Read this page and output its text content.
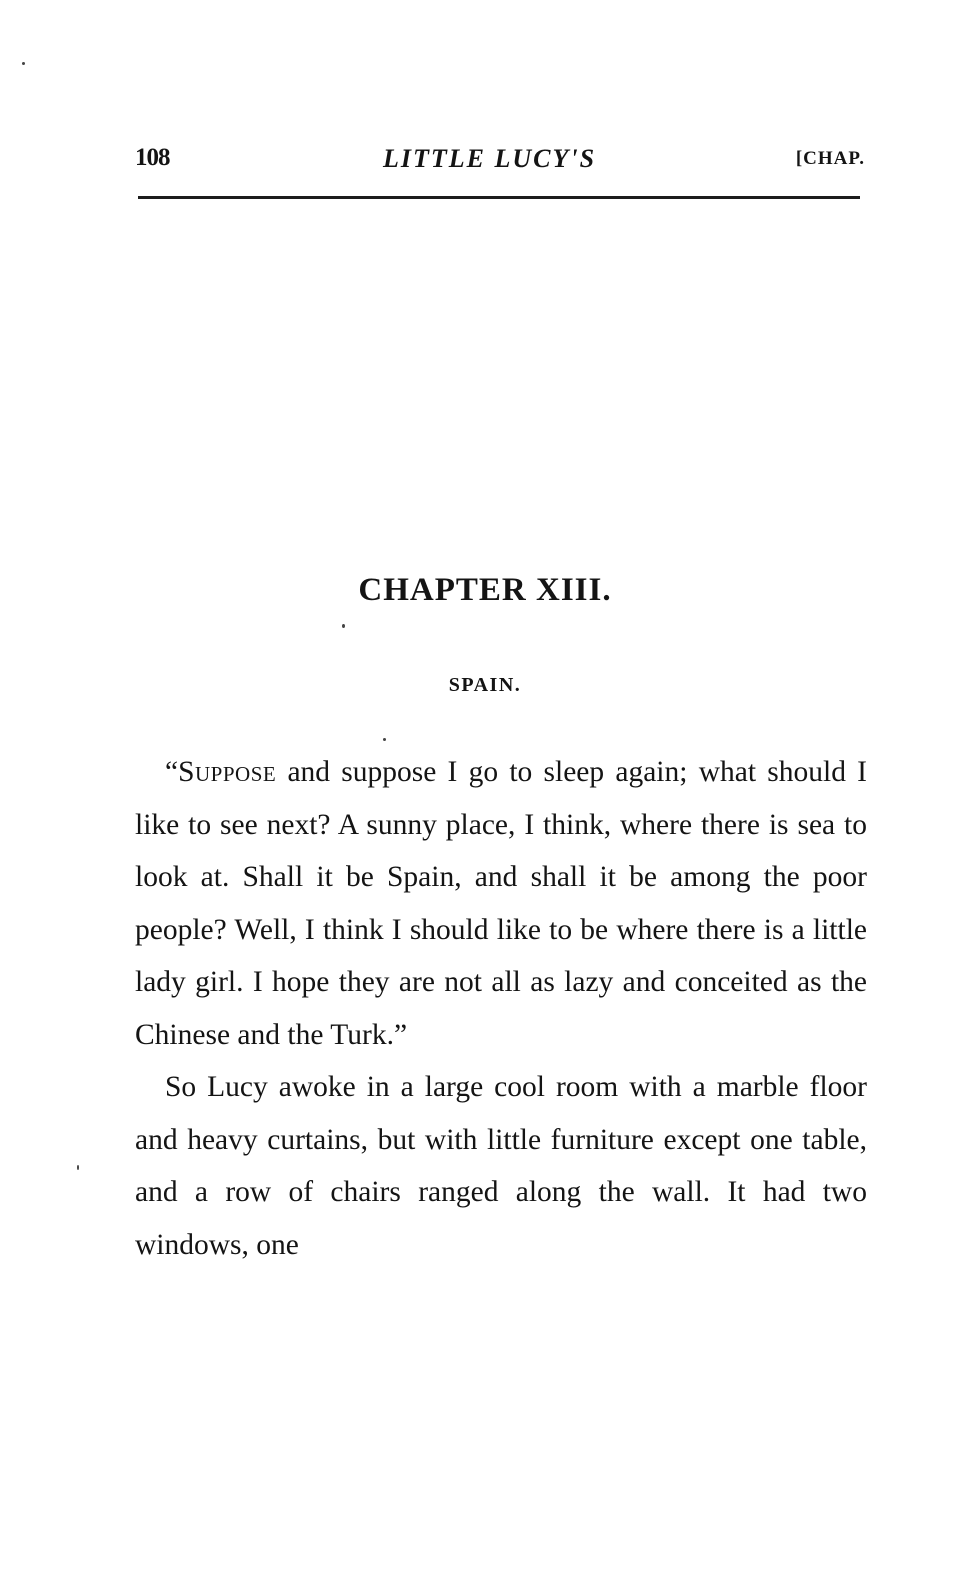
108	LITTLE LUCY'S	[CHAP.
CHAPTER XIII.
SPAIN.

“Suppose and suppose I go to sleep again; what should I like to see next? A sunny place, I think, where there is sea to look at. Shall it be Spain, and shall it be among the poor people? Well, I think I should like to be where there is a little lady girl. I hope they are not all as lazy and conceited as the Chinese and the Turk.”

So Lucy awoke in a large cool room with a marble floor and heavy curtains, but with little furniture except one table, and a row of chairs ranged along the wall. It had two windows, one
